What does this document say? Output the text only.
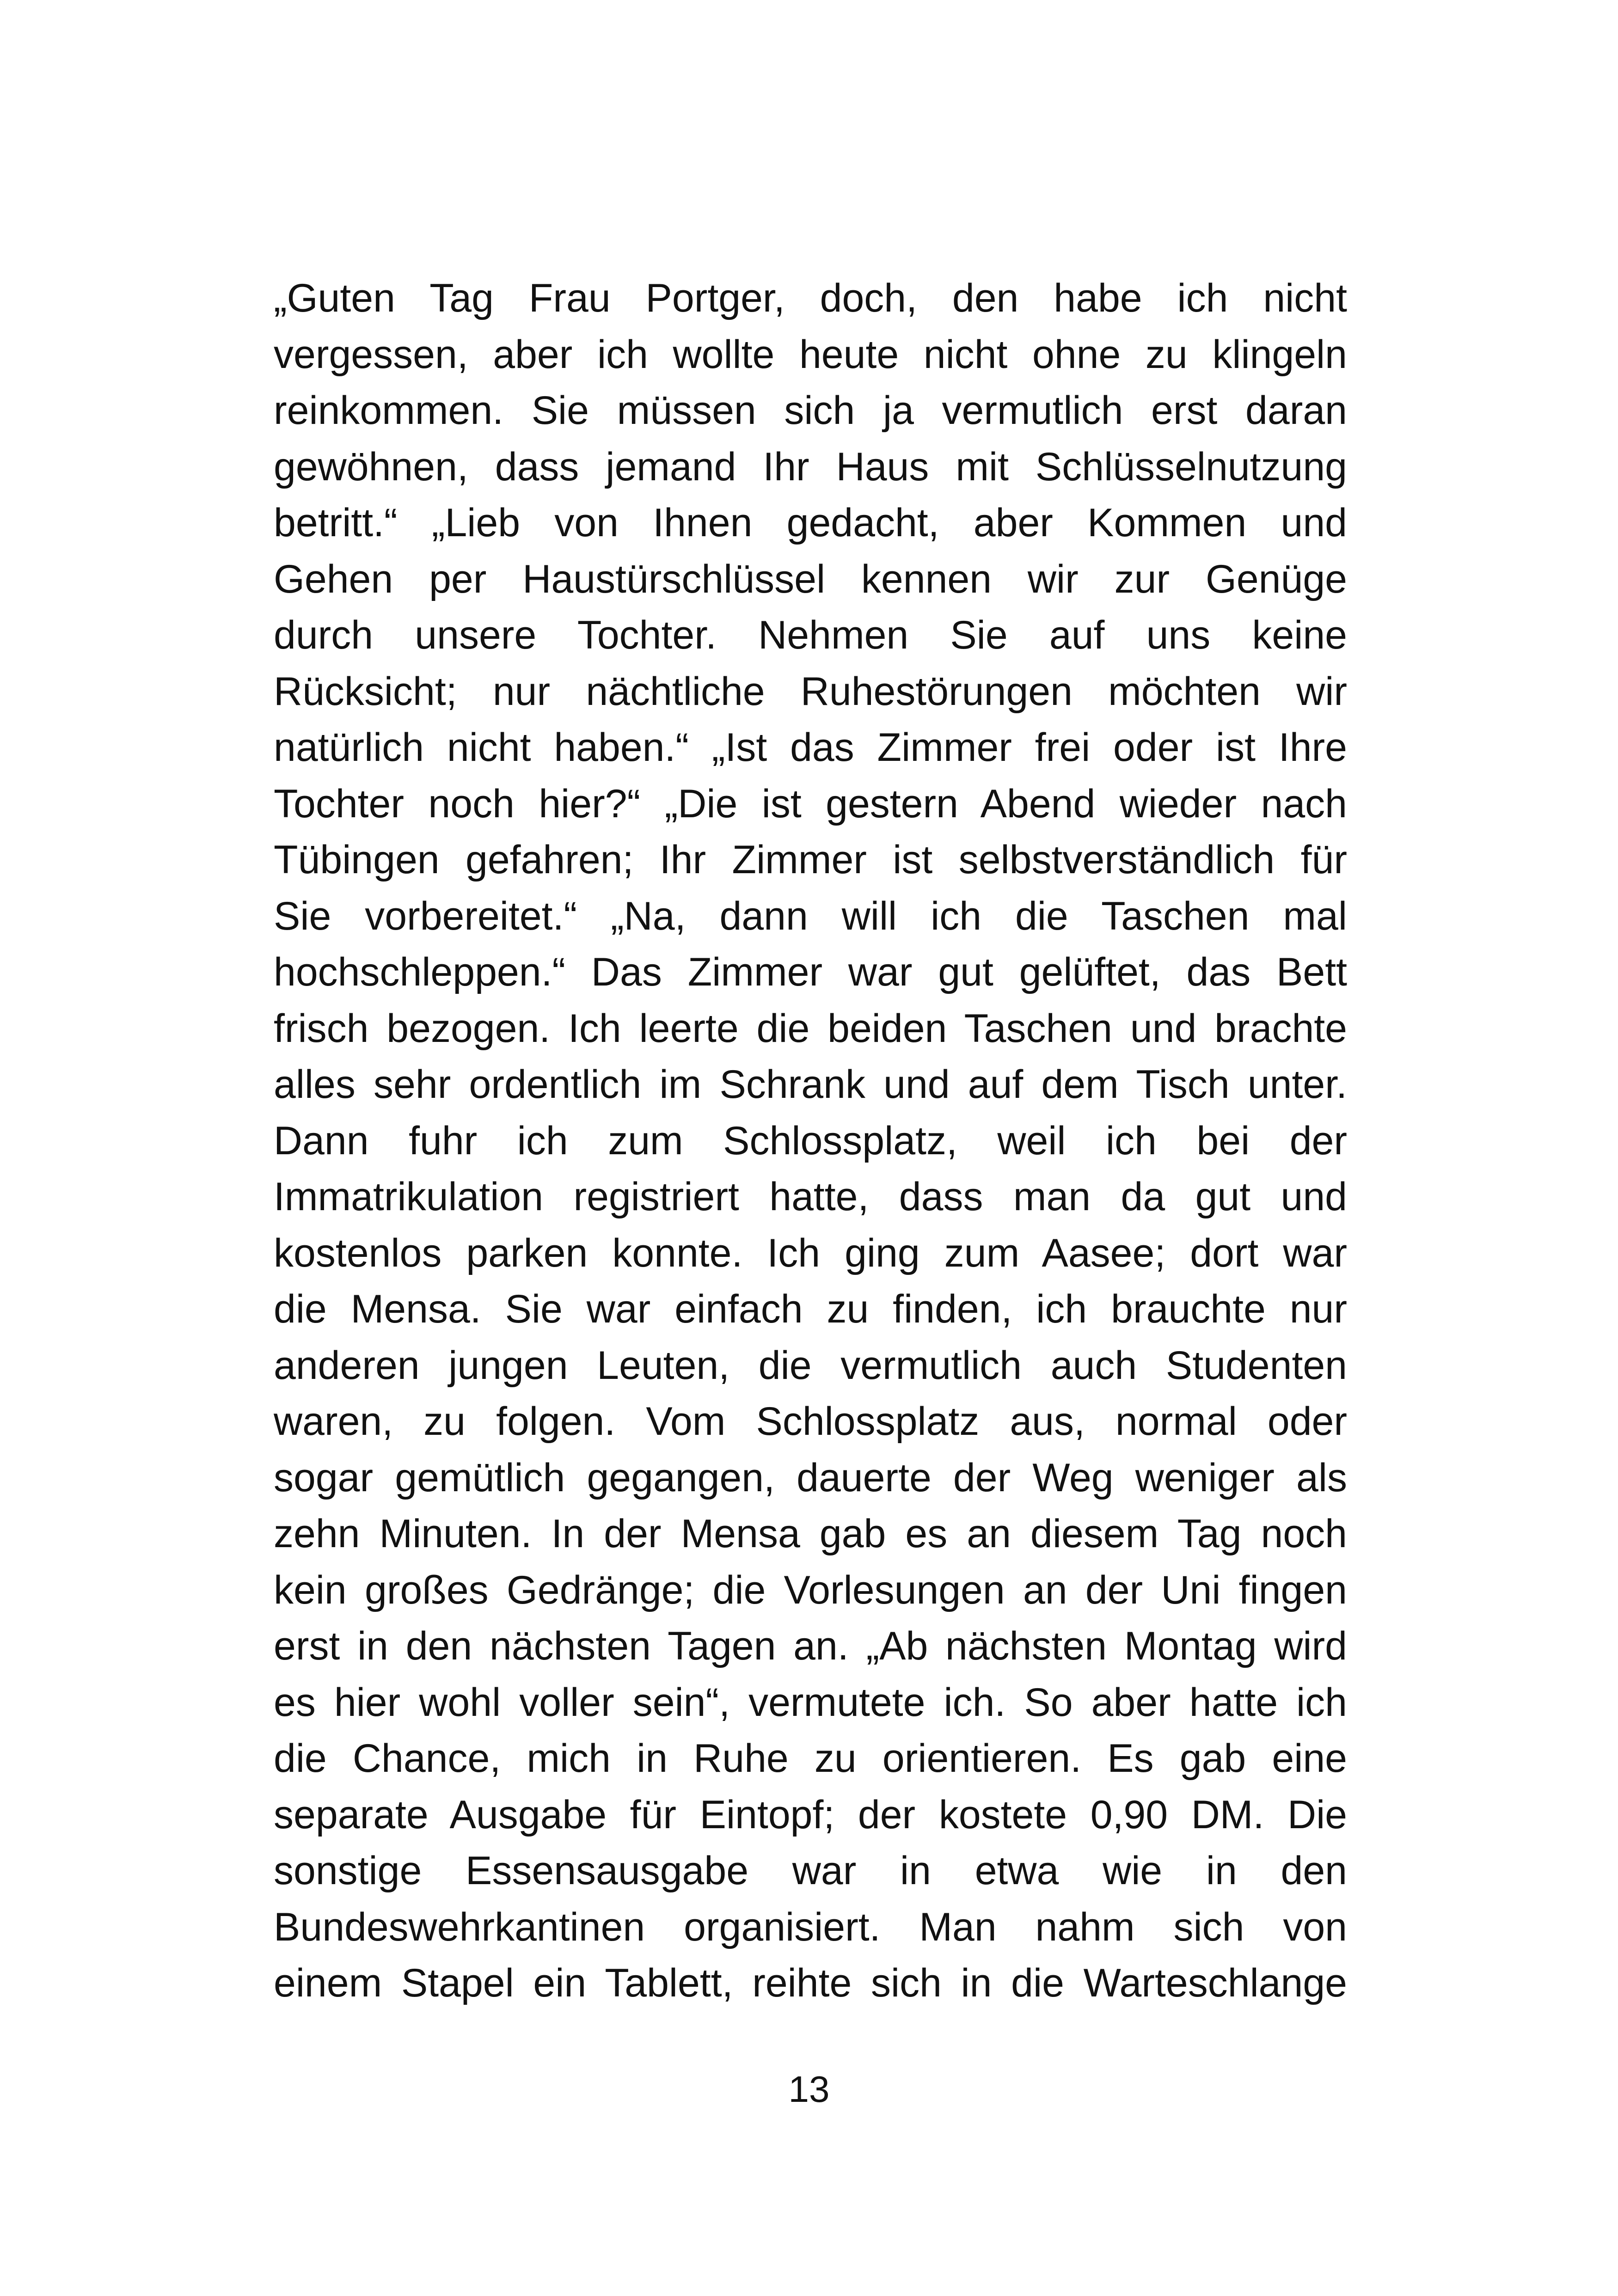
„Guten Tag Frau Portger, doch, den habe ich nicht
vergessen, aber ich wollte heute nicht ohne zu klingeln
reinkommen. Sie müssen sich ja vermutlich erst daran
gewöhnen, dass jemand Ihr Haus mit Schlüsselnutzung
betritt.“ „Lieb von Ihnen gedacht, aber Kommen und
Gehen per Haustürschlüssel kennen wir zur Genüge
durch unsere Tochter. Nehmen Sie auf uns keine
Rücksicht; nur nächtliche Ruhestörungen möchten wir
natürlich nicht haben.“ „Ist das Zimmer frei oder ist Ihre
Tochter noch hier?“ „Die ist gestern Abend wieder nach
Tübingen gefahren; Ihr Zimmer ist selbstverständlich für
Sie vorbereitet.“ „Na, dann will ich die Taschen mal
hochschleppen.“ Das Zimmer war gut gelüftet, das Bett
frisch bezogen. Ich leerte die beiden Taschen und brachte
alles sehr ordentlich im Schrank und auf dem Tisch unter.
Dann fuhr ich zum Schlossplatz, weil ich bei der
Immatrikulation registriert hatte, dass man da gut und
kostenlos parken konnte. Ich ging zum Aasee; dort war
die Mensa. Sie war einfach zu finden, ich brauchte nur
anderen jungen Leuten, die vermutlich auch Studenten
waren, zu folgen. Vom Schlossplatz aus, normal oder
sogar gemütlich gegangen, dauerte der Weg weniger als
zehn Minuten. In der Mensa gab es an diesem Tag noch
kein großes Gedränge; die Vorlesungen an der Uni fingen
erst in den nächsten Tagen an. „Ab nächsten Montag wird
es hier wohl voller sein“, vermutete ich. So aber hatte ich
die Chance, mich in Ruhe zu orientieren. Es gab eine
separate Ausgabe für Eintopf; der kostete 0,90 DM. Die
sonstige Essensausgabe war in etwa wie in den
Bundeswehrkantinen organisiert. Man nahm sich von
einem Stapel ein Tablett, reihte sich in die Warteschlange
13
